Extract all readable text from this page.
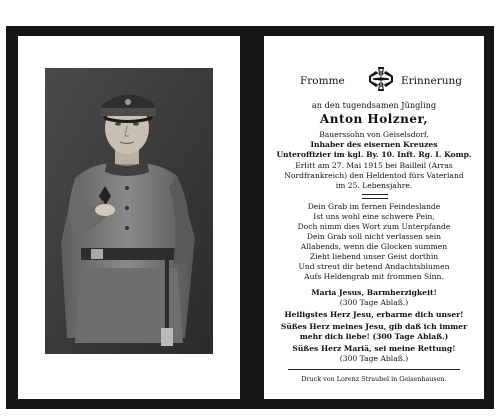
Fromme	Erinnerung
an den tugendsamen Jüngling
Anton Holzner,
Bauerssohn von Geiselsdorf,
Inhaber des eisernen Kreuzes
Unteroffizier im kgl. By. 10. Inft. Rg. I. Komp.
Erlitt am 27. Mai 1915 bei Bailleil (Arras
Nordfrankreich) den Heldentod fürs Vaterland
im 25. Lebensjahre.
Dein Grab im fernen Feindeslande
Ist uns wohl eine schwere Pein,
Doch nimm dies Wort zum Unterpfande
Dein Grab soll nicht verlassen sein
Allabends, wenn die Glocken summen
Zieht liebend unser Geist dorthin
Und streut dir betend Andachtsblumen
Aufs Heldengrab mit frommen Sinn.
Maria Jesus, Barmherzigkeit!
(300 Tage Ablaß.)
Heiligstes Herz Jesu, erbarme dich unser!
Süßes Herz meines Jesu, gib daß ich immer
mehr dich liebe! (300 Tage Ablaß.)
Süßes Herz Mariä, sei meine Rettung!
(300 Tage Ablaß.)
Druck von Lorenz Straubel in Geisenhausen.
